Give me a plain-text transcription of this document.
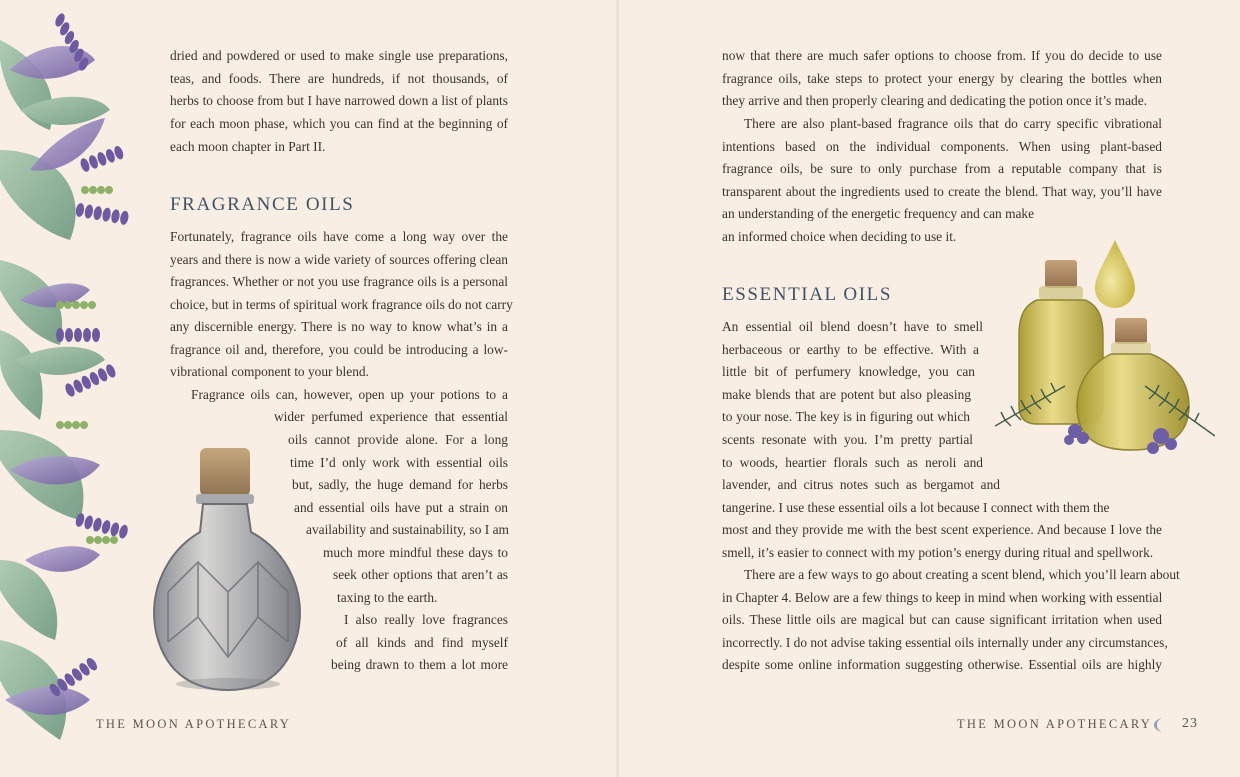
dried and powdered or used to make single use preparations,
teas, and foods. There are hundreds, if not thousands, of
herbs to choose from but I have narrowed down a list of plants
for each moon phase, which you can find at the beginning of
each moon chapter in Part II.
FRAGRANCE OILS
Fortunately, fragrance oils have come a long way over the
years and there is now a wide variety of sources offering clean
fragrances. Whether or not you use fragrance oils is a personal
choice, but in terms of spiritual work fragrance oils do not carry
any discernible energy. There is no way to know what’s in a
fragrance oil and, therefore, you could be introducing a low-
vibrational component to your blend.
Fragrance oils can, however, open up your potions to a
wider perfumed experience that essential
oils cannot provide alone. For a long
time I’d only work with essential oils
but, sadly, the huge demand for herbs
and essential oils have put a strain on
availability and sustainability, so I am
much more mindful these days to
seek other options that aren’t as
taxing to the earth.
I also really love fragrances
of all kinds and find myself
being drawn to them a lot more
THE MOON APOTHECARY
now that there are much safer options to choose from. If you do decide to use
fragrance oils, take steps to protect your energy by clearing the bottles when
they arrive and then properly clearing and dedicating the potion once it’s made.
There are also plant-based fragrance oils that do carry specific vibrational
intentions based on the individual components. When using plant-based
fragrance oils, be sure to only purchase from a reputable company that is
transparent about the ingredients used to create the blend. That way, you’ll have
an understanding of the energetic frequency and can make
an informed choice when deciding to use it.
ESSENTIAL OILS
An essential oil blend doesn’t have to smell
herbaceous or earthy to be effective. With a
little bit of perfumery knowledge, you can
make blends that are potent but also pleasing
to your nose. The key is in figuring out which
scents resonate with you. I’m pretty partial
to woods, heartier florals such as neroli and
lavender, and citrus notes such as bergamot and
tangerine. I use these essential oils a lot because I connect with them the
most and they provide me with the best scent experience. And because I love the
smell, it’s easier to connect with my potion’s energy during ritual and spellwork.
There are a few ways to go about creating a scent blend, which you’ll learn about
in Chapter 4. Below are a few things to keep in mind when working with essential
oils. These little oils are magical but can cause significant irritation when used
incorrectly. I do not advise taking essential oils internally under any circumstances,
despite some online information suggesting otherwise. Essential oils are highly
THE MOON APOTHECARY 23
